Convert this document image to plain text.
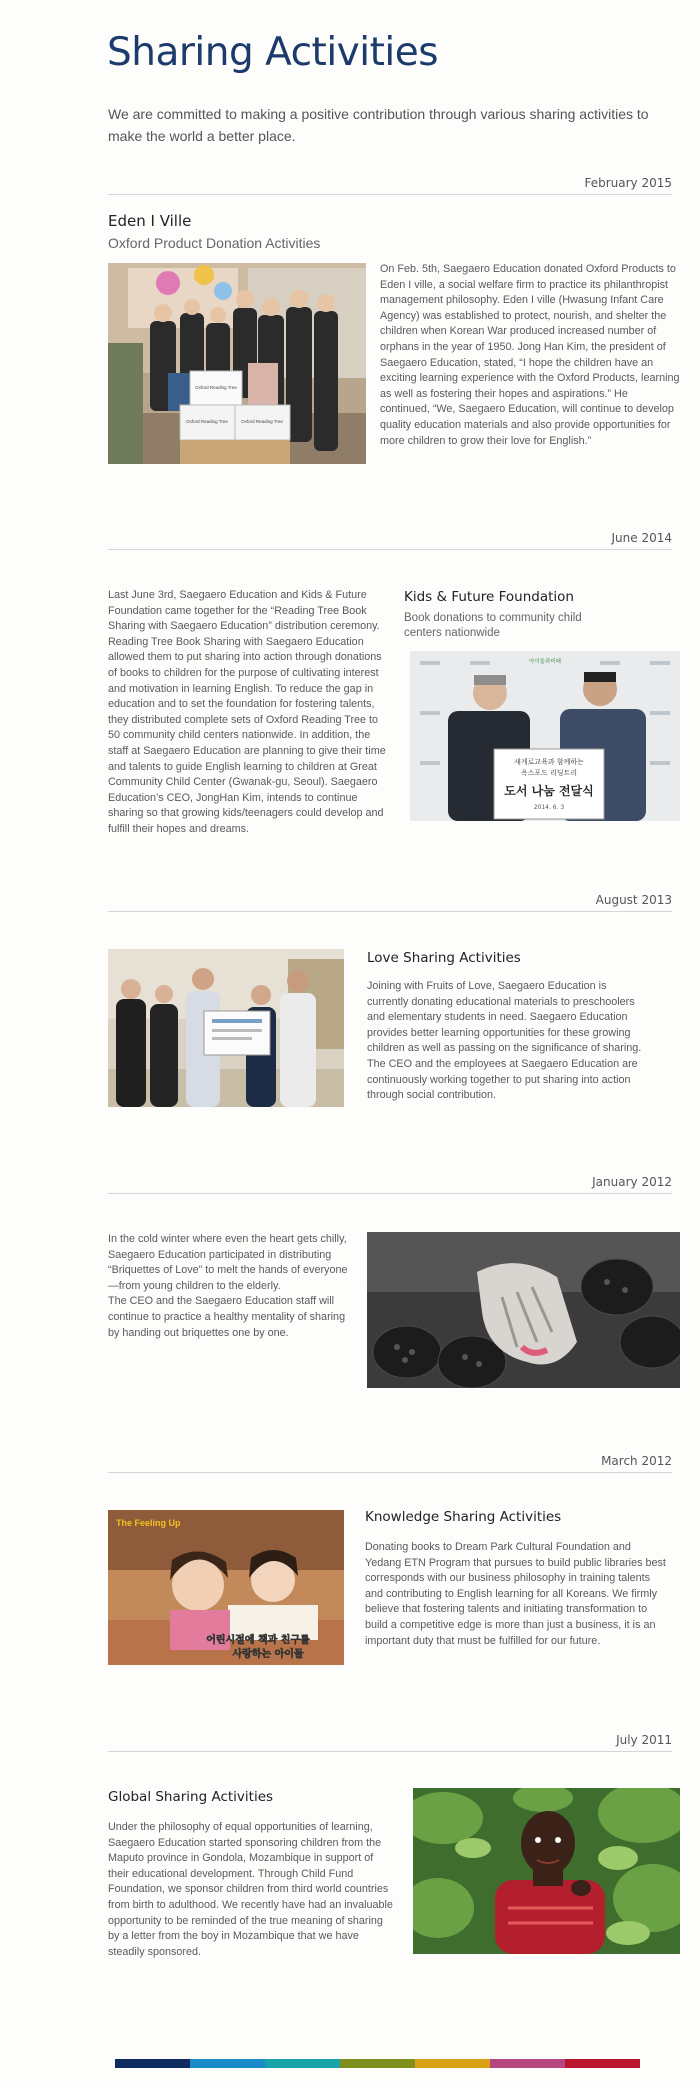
Sharing Activities
We are committed to making a positive contribution through various sharing activities to make the world a better place.
February 2015
Eden I Ville
Oxford Product Donation Activities
Oxford Reading Tree
Oxford Reading Tree	Oxford Reading Tree

On Feb. 5th, Saegaero Education donated Oxford Products to Eden I ville, a social welfare firm to practice its philanthropist management philosophy. Eden I ville (Hwasung Infant Care Agency) was established to protect, nourish, and shelter the children when Korean War produced increased number of orphans in the year of 1950. Jong Han Kim, the president of Saegaero Education, stated, “I hope the children have an exciting learning experience with the Oxford Products, learning as well as fostering their hopes and aspirations.” He continued, “We, Saegaero Education, will continue to develop quality education materials and also provide opportunities for more children to grow their love for English.”

June 2014

Last June 3rd, Saegaero Education and Kids & Future Foundation came together for the “Reading Tree Book Sharing with Saegaero Education” distribution ceremony. Reading Tree Book Sharing with Saegaero Education allowed them to put sharing into action through donations of books to children for the purpose of cultivating interest and motivation in learning English. To reduce the gap in education and to set the foundation for fostering talents, they distributed complete sets of Oxford Reading Tree to 50 community child centers nationwide. In addition, the staff at Saegaero Education are planning to give their time and talents to guide English learning to children at Great Community Child Center (Gwanak-gu, Seoul). Saegaero Education’s CEO, JongHan Kim, intends to continue sharing so that growing kids/teenagers could develop and fulfill their hopes and dreams.

Kids & Future Foundation
Book donations to community child centers nationwide
아이들과미래
새게로교육과 함께하는
옥스포드 리딩트리
도서 나눔 전달식
2014. 6. 3
August 2013
Love Sharing Activities

Joining with Fruits of Love, Saegaero Education is currently donating educational materials to preschoolers and elementary students in need. Saegaero Education provides better learning opportunities for these growing children as well as passing on the significance of sharing. The CEO and the employees at Saegaero Education are continuously working together to put sharing into action through social contribution.

January 2012

In the cold winter where even the heart gets chilly, Saegaero Education participated in distributing “Briquettes of Love” to melt the hands of everyone—from young children to the elderly.
The CEO and the Saegaero Education staff will continue to practice a healthy mentality of sharing by handing out briquettes one by one.

March 2012
The Feeling Up
어린시절에 책과 친구를
사랑하는 아이들
Knowledge Sharing Activities

Donating books to Dream Park Cultural Foundation and Yedang ETN Program that pursues to build public libraries best corresponds with our business philosophy in training talents and contributing to English learning for all Koreans. We firmly believe that fostering talents and initiating transformation to build a competitive edge is more than just a business, it is an important duty that must be fulfilled for our future.

July 2011
Global Sharing Activities

Under the philosophy of equal opportunities of learning, Saegaero Education started sponsoring children from the Maputo province in Gondola, Mozambique in support of their educational development. Through Child Fund Foundation, we sponsor children from third world countries from birth to adulthood. We recently have had an invaluable opportunity to be reminded of the true meaning of sharing by a letter from the boy in Mozambique that we have steadily sponsored.
